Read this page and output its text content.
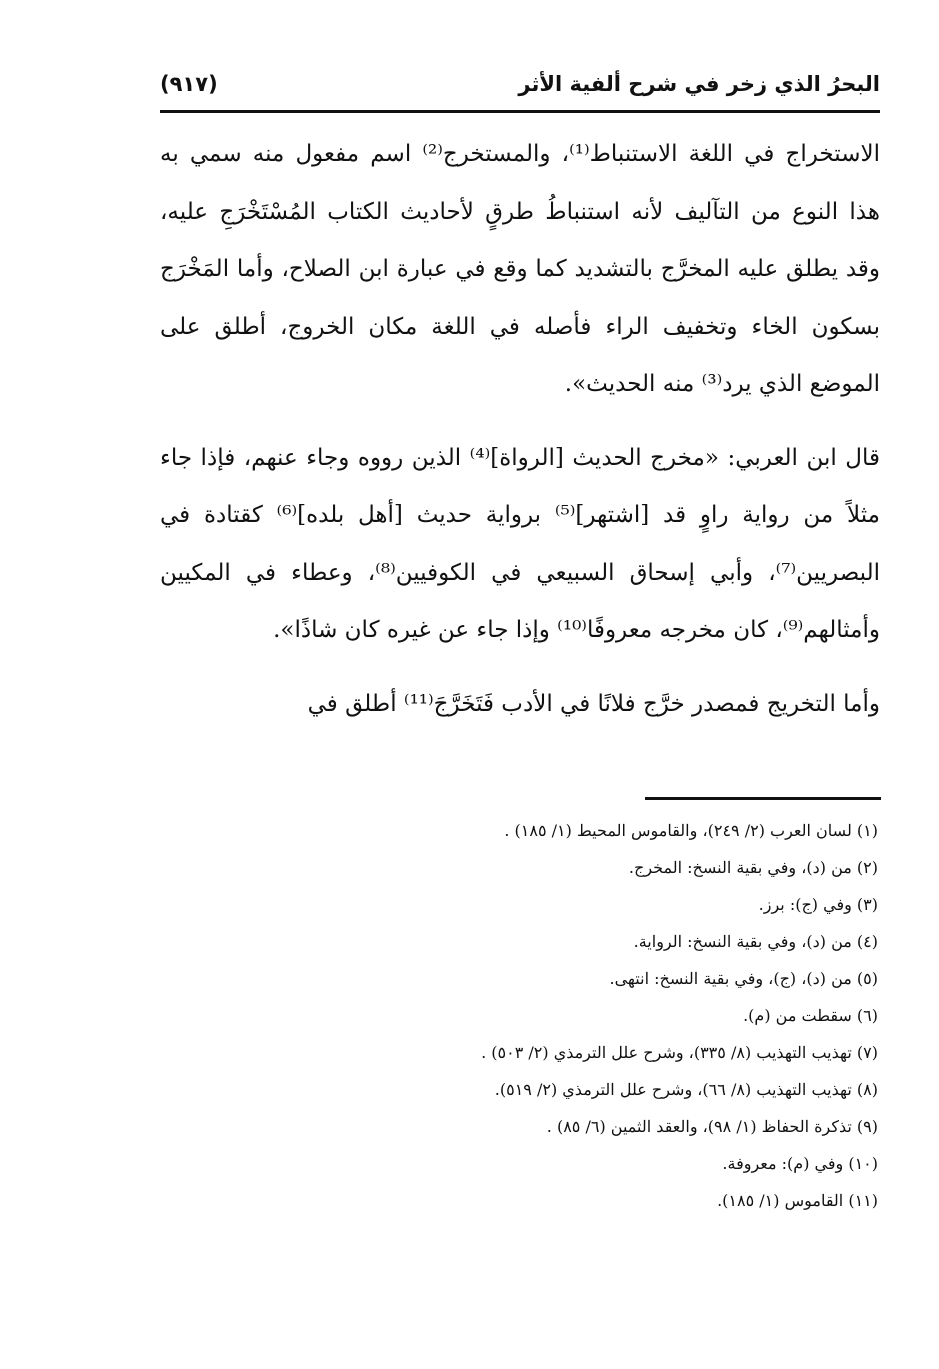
البحرُ الذي زخر في شرح ألفية الأثر
(٩١٧)

الاستخراج في اللغة الاستنباط⁽¹⁾، والمستخرج⁽²⁾ اسم مفعول منه سمي به هذا النوع من التآليف لأنه استنباطُ طرقٍ لأحاديث الكتاب المُسْتَخْرَجِ عليه، وقد يطلق عليه المخرَّج بالتشديد كما وقع في عبارة ابن الصلاح، وأما المَخْرَج بسكون الخاء وتخفيف الراء فأصله في اللغة مكان الخروج، أطلق على الموضع الذي يرد⁽³⁾ منه الحديث».

قال ابن العربي: «مخرج الحديث [الرواة]⁽⁴⁾ الذين رووه وجاء عنهم، فإذا جاء مثلاً من رواية راوٍ قد [اشتهر]⁽⁵⁾ برواية حديث [أهل بلده]⁽⁶⁾ كقتادة في البصريين⁽⁷⁾، وأبي إسحاق السبيعي في الكوفيين⁽⁸⁾، وعطاء في المكيين وأمثالهم⁽⁹⁾، كان مخرجه معروفًا⁽¹⁰⁾ وإذا جاء عن غيره كان شاذًا».

وأما التخريج فمصدر خرَّج فلانًا في الأدب فَتَخَرَّجَ⁽¹¹⁾ أطلق في

(١) لسان العرب (٢/ ٢٤٩)، والقاموس المحيط (١/ ١٨٥) .
(٢) من (د)، وفي بقية النسخ: المخرج.
(٣) وفي (ج): برز.
(٤) من (د)، وفي بقية النسخ: الرواية.
(٥) من (د)، (ج)، وفي بقية النسخ: انتهى.
(٦) سقطت من (م).
(٧) تهذيب التهذيب (٨/ ٣٣٥)، وشرح علل الترمذي (٢/ ٥٠٣) .
(٨) تهذيب التهذيب (٨/ ٦٦)، وشرح علل الترمذي (٢/ ٥١٩).
(٩) تذكرة الحفاظ (١/ ٩٨)، والعقد الثمين (٦/ ٨٥) .
(١٠) وفي (م): معروفة.
(١١) القاموس (١/ ١٨٥).
